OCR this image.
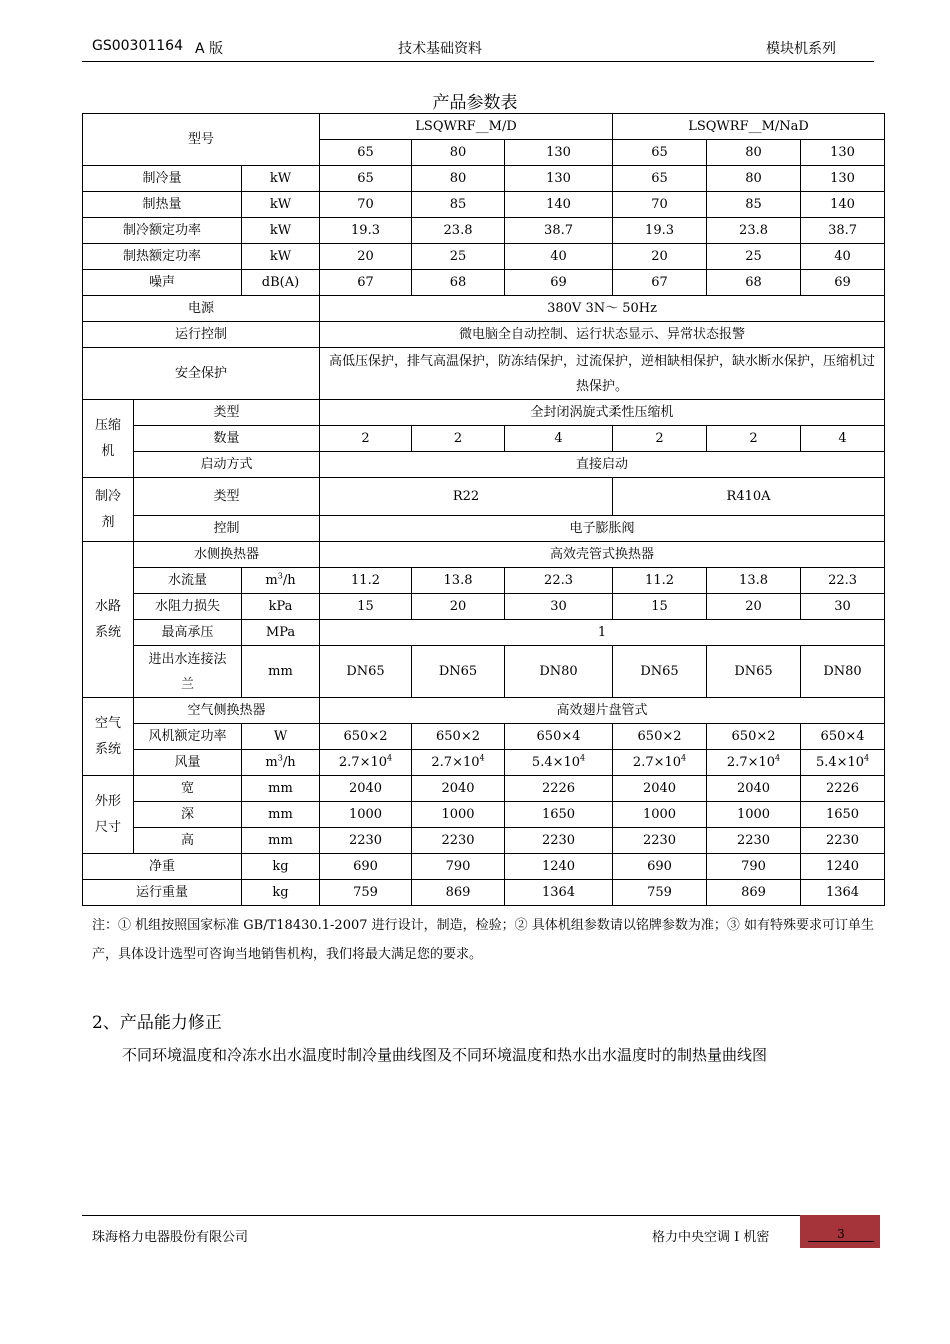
GS00301164 A 版	技术基础资料	模块机系列
产品参数表
型号			LSQWRF__M/D			LSQWRF__M/NaD		
			65	80	130	65	80	130
制冷量		kW	65	80	130	65	80	130
制热量		kW	70	85	140	70	85	140
制冷额定功率		kW	19.3	23.8	38.7	19.3	23.8	38.7
制热额定功率		kW	20	25	40	20	25	40
噪声		dB(A)	67	68	69	67	68	69
电源			380V 3N～ 50Hz					
运行控制			微电脑全自动控制、运行状态显示、异常状态报警					
安全保护			高低压保护，排气高温保护，防冻结保护，过流保护，逆相缺相保护，缺水断水保护，压缩机过热保护。					
压缩机	类型		全封闭涡旋式柔性压缩机					
	数量		2	2	4	2	2	4
	启动方式		直接启动					
制冷剂	类型		R22			R410A		
	控制		电子膨胀阀					
水路系统	水侧换热器		高效壳管式换热器					
	水流量	$m^3/h$	11.2	13.8	22.3	11.2	13.8	22.3
	水阻力损失	kPa	15	20	30	15	20	30
	最高承压	MPa	1					
	进出水连接法兰	mm	DN65	DN65	DN80	DN65	DN65	DN80
空气系统	空气侧换热器		高效翅片盘管式					
	风机额定功率	W	650×2	650×2	650×4	650×2	650×2	650×4
	风量	$m^3/h$	$2.7\times 10^4$	$2.7\times 10^4$	$5.4\times 10^4$	$2.7\times 10^4$	$2.7\times 10^4$	$5.4\times 10^4$
外形尺寸	宽	mm	2040	2040	2226	2040	2040	2226
	深	mm	1000	1000	1650	1000	1000	1650
	高	mm	2230	2230	2230	2230	2230	2230
净重		kg	690	790	1240	690	790	1240
运行重量		kg	759	869	1364	759	869	1364
注：① 机组按照国家标准 GB/T18430.1-2007 进行设计，制造，检验；② 具体机组参数请以铭牌参数为准；③ 如有特殊要求可订单生产，具体设计选型可咨询当地销售机构，我们将最大满足您的要求。
2、产品能力修正
不同环境温度和冷冻水出水温度时制冷量曲线图及不同环境温度和热水出水温度时的制热量曲线图
珠海格力电器股份有限公司	格力中央空调 I 机密	3
